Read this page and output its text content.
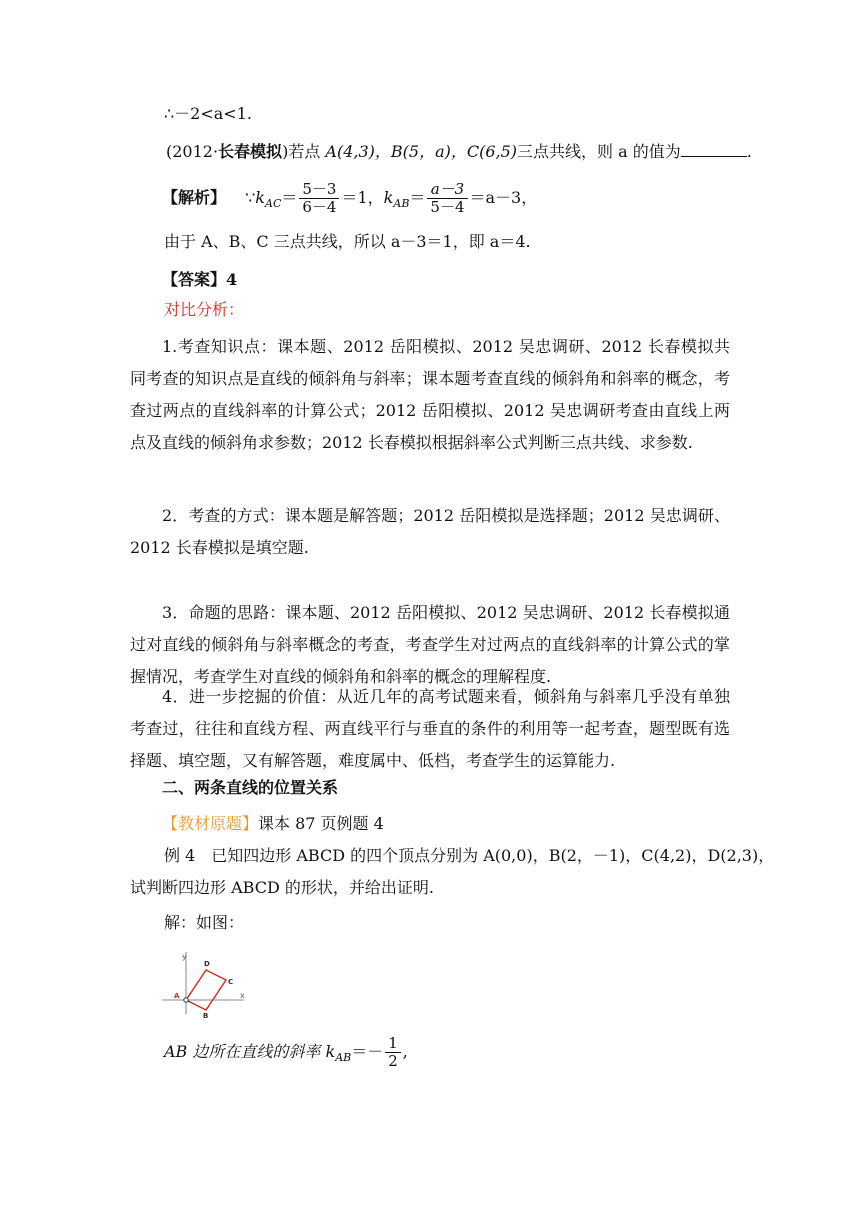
∴－2<a<1.
(2012·长春模拟)若点 A(4,3)，B(5，a)，C(6,5)三点共线，则 a 的值为	.
【解析】 $\because k_{AC}= \frac{5-3}{6-4} =1$，$k_{AB}= \frac{a-3}{5-4} =a-3$，
由于 A、B、C 三点共线，所以 a－3＝1，即 a＝4.
【答案】4
对比分析：
1.考查知识点：课本题、2012 岳阳模拟、2012 吴忠调研、2012 长春模拟共同考查的知识点是直线的倾斜角与斜率；课本题考查直线的倾斜角和斜率的概念，考查过两点的直线斜率的计算公式；2012 岳阳模拟、2012 吴忠调研考查由直线上两点及直线的倾斜角求参数；2012 长春模拟根据斜率公式判断三点共线、求参数.
2．考查的方式：课本题是解答题；2012 岳阳模拟是选择题；2012 吴忠调研、2012 长春模拟是填空题.
3．命题的思路：课本题、2012 岳阳模拟、2012 吴忠调研、2012 长春模拟通过对直线的倾斜角与斜率概念的考查，考查学生对过两点的直线斜率的计算公式的掌握情况，考查学生对直线的倾斜角和斜率的概念的理解程度.
4．进一步挖掘的价值：从近几年的高考试题来看，倾斜角与斜率几乎没有单独考查过，往往和直线方程、两直线平行与垂直的条件的利用等一起考查，题型既有选择题、填空题，又有解答题，难度属中、低档，考查学生的运算能力.
二、两条直线的位置关系
【教材原题】课本 87 页例题 4
例 4　已知四边形 ABCD 的四个顶点分别为 A(0,0)，B(2，－1)，C(4,2)，D(2,3)，
试判断四边形 ABCD 的形状，并给出证明.
解：如图：
y
x
A
B
C
D
AB 边所在直线的斜率 $k_{AB}=- \frac{1}{2}$ ,
